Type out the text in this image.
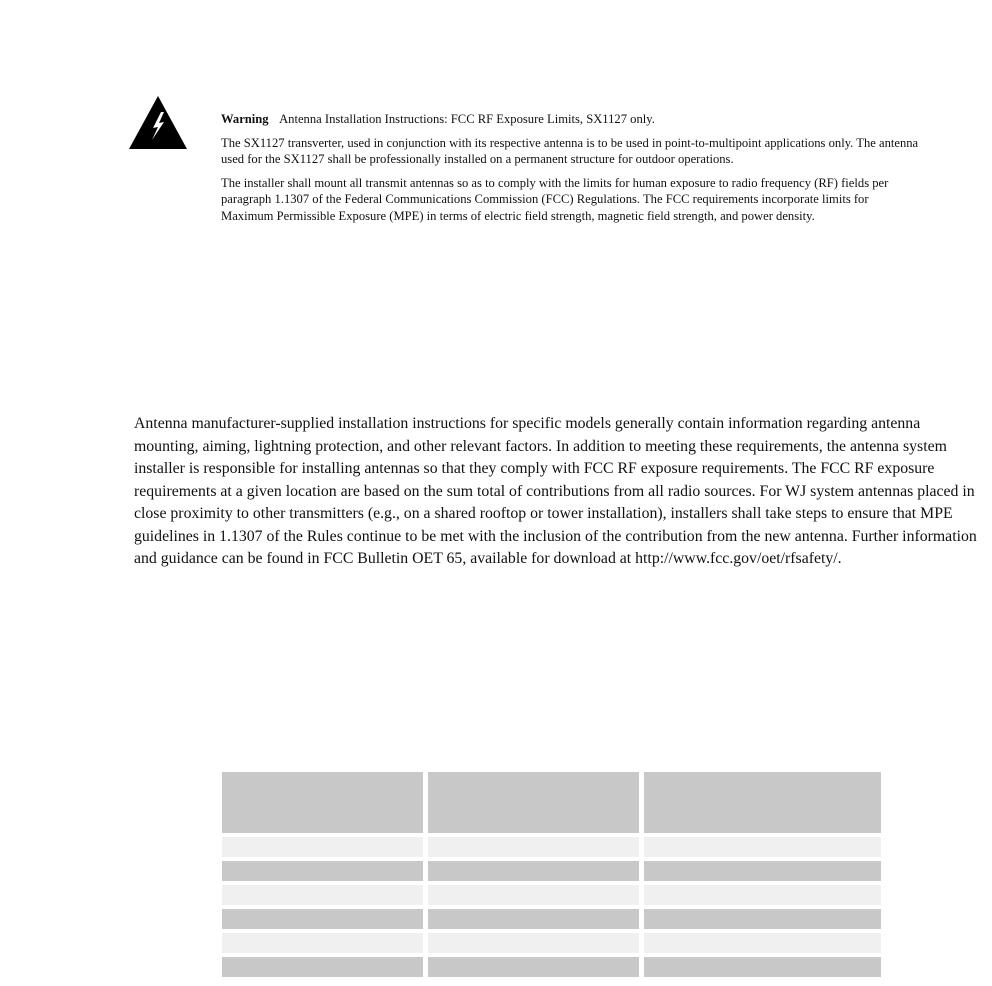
Warning Antenna Installation Instructions: FCC RF Exposure Limits, SX1127 only.

The SX1127 transverter, used in conjunction with its respective antenna is to be used in point-to-multipoint applications only. The antenna used for the SX1127 shall be professionally installed on a permanent structure for outdoor operations.

The installer shall mount all transmit antennas so as to comply with the limits for human exposure to radio frequency (RF) fields per paragraph 1.1307 of the Federal Communications Commission (FCC) Regulations. The FCC requirements incorporate limits for Maximum Permissible Exposure (MPE) in terms of electric field strength, magnetic field strength, and power density.

Antenna manufacturer-supplied installation instructions for specific models generally contain information regarding antenna mounting, aiming, lightning protection, and other relevant factors. In addition to meeting these requirements, the antenna system installer is responsible for installing antennas so that they comply with FCC RF exposure requirements. The FCC RF exposure requirements at a given location are based on the sum total of contributions from all radio sources. For WJ system antennas placed in close proximity to other transmitters (e.g., on a shared rooftop or tower installation), installers shall take steps to ensure that MPE guidelines in 1.1307 of the Rules continue to be met with the inclusion of the contribution from the new antenna. Further information and guidance can be found in FCC Bulletin OET 65, available for download at http://www.fcc.gov/oet/rfsafety/.
